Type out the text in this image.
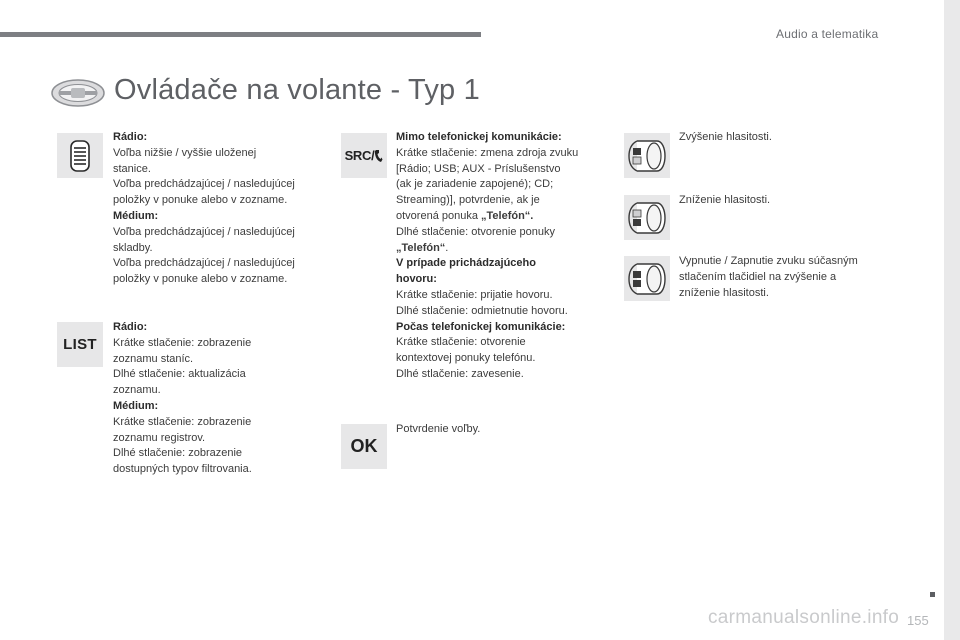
Audio a telematika
Ovládače na volante - Typ 1
Rádio:
Voľba nižšie / vyššie uloženej
stanice.
Voľba predchádzajúcej / nasledujúcej
položky v ponuke alebo v zozname.
Médium:
Voľba predchádzajúcej / nasledujúcej
skladby.
Voľba predchádzajúcej / nasledujúcej
položky v ponuke alebo v zozname.
LIST
Rádio:
Krátke stlačenie: zobrazenie
zoznamu staníc.
Dlhé stlačenie: aktualizácia
zoznamu.
Médium:
Krátke stlačenie: zobrazenie
zoznamu registrov.
Dlhé stlačenie: zobrazenie
dostupných typov filtrovania.
SRC/
Mimo telefonickej komunikácie:
Krátke stlačenie: zmena zdroja zvuku
[Rádio; USB; AUX - Príslušenstvo
(ak je zariadenie zapojené); CD;
Streaming)], potvrdenie, ak je
otvorená ponuka „Telefón“.
Dlhé stlačenie: otvorenie ponuky
„Telefón“.
V prípade prichádzajúceho
hovoru:
Krátke stlačenie: prijatie hovoru.
Dlhé stlačenie: odmietnutie hovoru.
Počas telefonickej komunikácie:
Krátke stlačenie: otvorenie
kontextovej ponuky telefónu.
Dlhé stlačenie: zavesenie.
OK
Potvrdenie voľby.
Zvýšenie hlasitosti.
Zníženie hlasitosti.
Vypnutie / Zapnutie zvuku súčasným
stlačením tlačidiel na zvýšenie a
zníženie hlasitosti.
155
carmanualsonline.info
